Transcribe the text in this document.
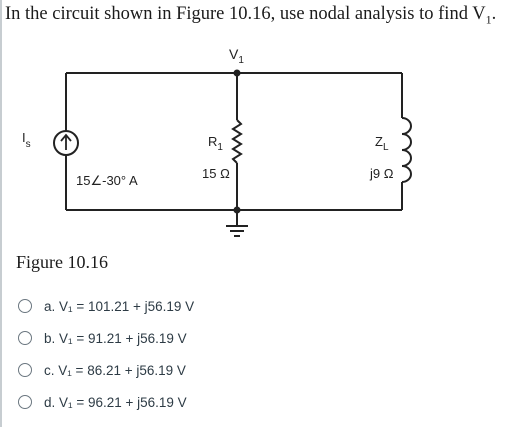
In the circuit shown in Figure 10.16, use nodal analysis to find $V_1$.
$V_1$
$I_s$
15∠-30° A
$R_1$
15 Ω
$Z_L$
j9 Ω
Figure 10.16
a. V₁ = 101.21 + j56.19 V
b. V₁ = 91.21 + j56.19 V
c. V₁ = 86.21 + j56.19 V
d. V₁ = 96.21 + j56.19 V
